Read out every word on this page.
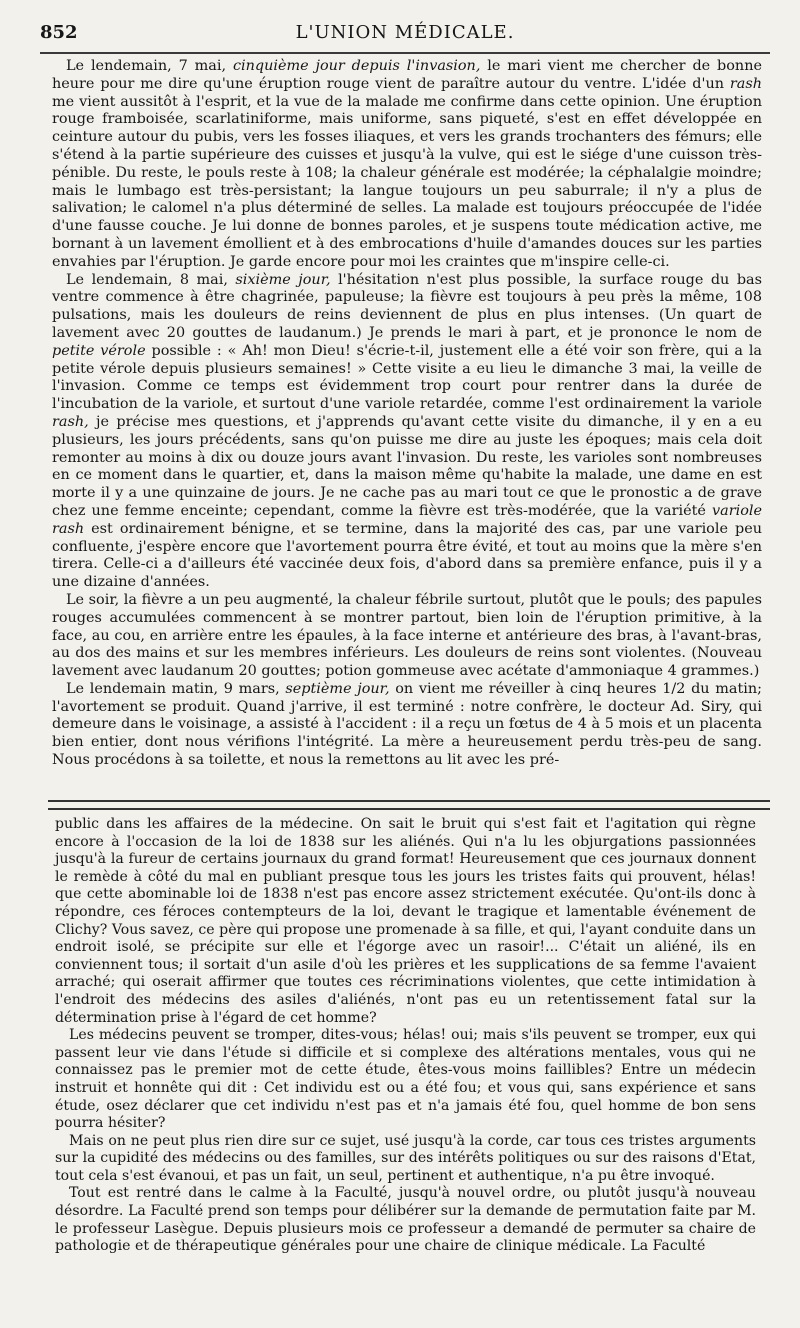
852	L'UNION MÉDICALE.

Le lendemain, 7 mai, cinquième jour depuis l'invasion, le mari vient me chercher de bonne heure pour me dire qu'une éruption rouge vient de paraître autour du ventre. L'idée d'un rash me vient aussitôt à l'esprit, et la vue de la malade me confirme dans cette opinion. Une éruption rouge framboisée, scarlatiniforme, mais uniforme, sans piqueté, s'est en effet développée en ceinture autour du pubis, vers les fosses iliaques, et vers les grands trochanters des fémurs; elle s'étend à la partie supérieure des cuisses et jusqu'à la vulve, qui est le siége d'une cuisson très-pénible. Du reste, le pouls reste à 108; la chaleur générale est modérée; la céphalalgie moindre; mais le lumbago est très-persistant; la langue toujours un peu saburrale; il n'y a plus de salivation; le calomel n'a plus déterminé de selles. La malade est toujours préoccupée de l'idée d'une fausse couche. Je lui donne de bonnes paroles, et je suspens toute médication active, me bornant à un lavement émollient et à des embrocations d'huile d'amandes douces sur les parties envahies par l'éruption. Je garde encore pour moi les craintes que m'inspire celle-ci.

Le lendemain, 8 mai, sixième jour, l'hésitation n'est plus possible, la surface rouge du bas ventre commence à être chagrinée, papuleuse; la fièvre est toujours à peu près la même, 108 pulsations, mais les douleurs de reins deviennent de plus en plus intenses. (Un quart de lavement avec 20 gouttes de laudanum.) Je prends le mari à part, et je prononce le nom de petite vérole possible : « Ah! mon Dieu! s'écrie-t-il, justement elle a été voir son frère, qui a la petite vérole depuis plusieurs semaines! » Cette visite a eu lieu le dimanche 3 mai, la veille de l'invasion. Comme ce temps est évidemment trop court pour rentrer dans la durée de l'incubation de la variole, et surtout d'une variole retardée, comme l'est ordinairement la variole rash, je précise mes questions, et j'apprends qu'avant cette visite du dimanche, il y en a eu plusieurs, les jours précédents, sans qu'on puisse me dire au juste les époques; mais cela doit remonter au moins à dix ou douze jours avant l'invasion. Du reste, les varioles sont nombreuses en ce moment dans le quartier, et, dans la maison même qu'habite la malade, une dame en est morte il y a une quinzaine de jours. Je ne cache pas au mari tout ce que le pronostic a de grave chez une femme enceinte; cependant, comme la fièvre est très-modérée, que la variété variole rash est ordinairement bénigne, et se termine, dans la majorité des cas, par une variole peu confluente, j'espère encore que l'avortement pourra être évité, et tout au moins que la mère s'en tirera. Celle-ci a d'ailleurs été vaccinée deux fois, d'abord dans sa première enfance, puis il y a une dizaine d'années.

Le soir, la fièvre a un peu augmenté, la chaleur fébrile surtout, plutôt que le pouls; des papules rouges accumulées commencent à se montrer partout, bien loin de l'éruption primitive, à la face, au cou, en arrière entre les épaules, à la face interne et antérieure des bras, à l'avant-bras, au dos des mains et sur les membres inférieurs. Les douleurs de reins sont violentes. (Nouveau lavement avec laudanum 20 gouttes; potion gommeuse avec acétate d'ammoniaque 4 grammes.)

Le lendemain matin, 9 mars, septième jour, on vient me réveiller à cinq heures 1/2 du matin; l'avortement se produit. Quand j'arrive, il est terminé : notre confrère, le docteur Ad. Siry, qui demeure dans le voisinage, a assisté à l'accident : il a reçu un fœtus de 4 à 5 mois et un placenta bien entier, dont nous vérifions l'intégrité. La mère a heureusement perdu très-peu de sang. Nous procédons à sa toilette, et nous la remettons au lit avec les pré-

public dans les affaires de la médecine. On sait le bruit qui s'est fait et l'agitation qui règne encore à l'occasion de la loi de 1838 sur les aliénés. Qui n'a lu les objurgations passionnées jusqu'à la fureur de certains journaux du grand format! Heureusement que ces journaux donnent le remède à côté du mal en publiant presque tous les jours les tristes faits qui prouvent, hélas! que cette abominable loi de 1838 n'est pas encore assez strictement exécutée. Qu'ont-ils donc à répondre, ces féroces contempteurs de la loi, devant le tragique et lamentable événement de Clichy? Vous savez, ce père qui propose une promenade à sa fille, et qui, l'ayant conduite dans un endroit isolé, se précipite sur elle et l'égorge avec un rasoir!... C'était un aliéné, ils en conviennent tous; il sortait d'un asile d'où les prières et les supplications de sa femme l'avaient arraché; qui oserait affirmer que toutes ces récriminations violentes, que cette intimidation à l'endroit des médecins des asiles d'aliénés, n'ont pas eu un retentissement fatal sur la détermination prise à l'égard de cet homme?

Les médecins peuvent se tromper, dites-vous; hélas! oui; mais s'ils peuvent se tromper, eux qui passent leur vie dans l'étude si difficile et si complexe des altérations mentales, vous qui ne connaissez pas le premier mot de cette étude, êtes-vous moins faillibles? Entre un médecin instruit et honnête qui dit : Cet individu est ou a été fou; et vous qui, sans expérience et sans étude, osez déclarer que cet individu n'est pas et n'a jamais été fou, quel homme de bon sens pourra hésiter?

Mais on ne peut plus rien dire sur ce sujet, usé jusqu'à la corde, car tous ces tristes arguments sur la cupidité des médecins ou des familles, sur des intérêts politiques ou sur des raisons d'Etat, tout cela s'est évanoui, et pas un fait, un seul, pertinent et authentique, n'a pu être invoqué.

Tout est rentré dans le calme à la Faculté, jusqu'à nouvel ordre, ou plutôt jusqu'à nouveau désordre. La Faculté prend son temps pour délibérer sur la demande de permutation faite par M. le professeur Lasègue. Depuis plusieurs mois ce professeur a demandé de permuter sa chaire de pathologie et de thérapeutique générales pour une chaire de clinique médicale. La Faculté
